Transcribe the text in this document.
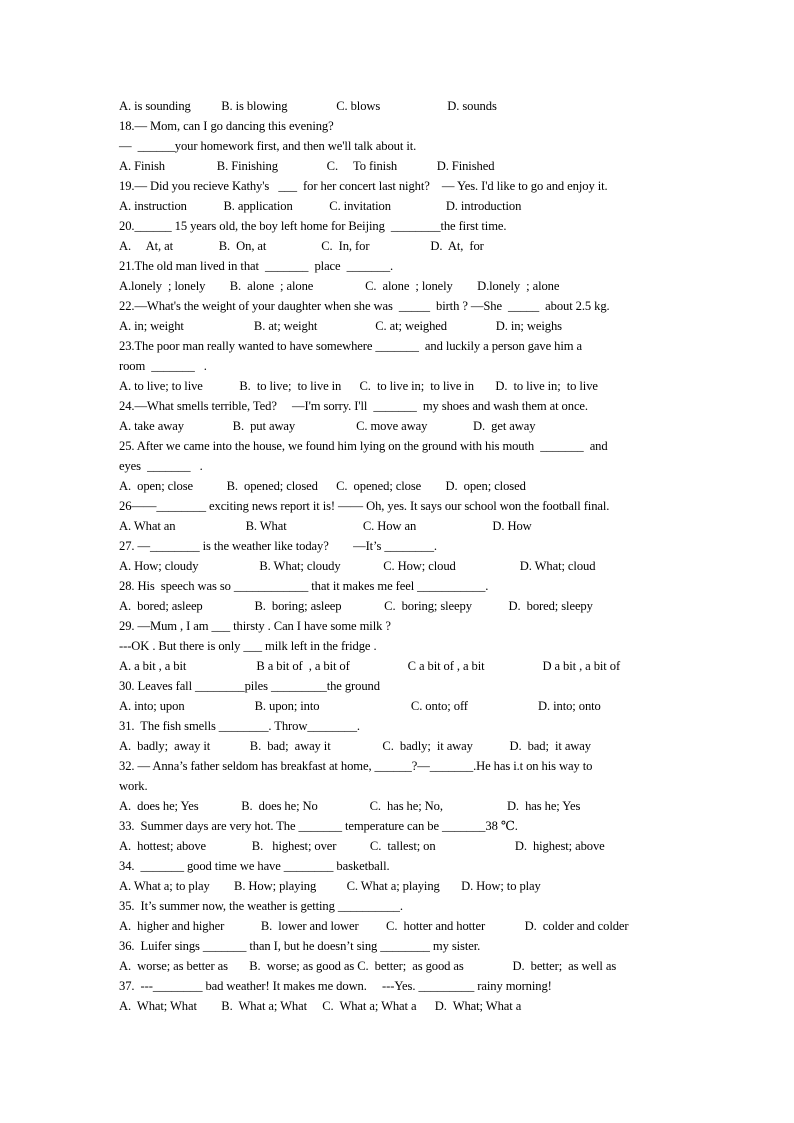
A. is sounding          B. is blowing                C. blows                      D. sounds
18.— Mom, can I go dancing this evening?
—  ______your homework first, and then we'll talk about it.
A. Finish                 B. Finishing                C.     To finish             D. Finished
19.— Did you recieve Kathy's   ___  for her concert last night?    — Yes. I'd like to go and enjoy it.
A. instruction            B. application            C. invitation                  D. introduction
20.______ 15 years old, the boy left home for Beijing  ________the first time.
A.     At, at               B.  On, at                  C.  In, for                    D.  At,  for
21.The old man lived in that  _______  place  _______.
A.lonely  ; lonely        B.  alone  ; alone                 C.  alone  ; lonely        D.lonely  ; alone
22.—What's the weight of your daughter when she was  _____  birth ? —She  _____  about 2.5 kg.
A. in; weight                       B. at; weight                   C. at; weighed                D. in; weighs
23.The poor man really wanted to have somewhere _______  and luckily a person gave him a
room  _______   .
A. to live; to live            B.  to live;  to live in      C.  to live in;  to live in       D.  to live in;  to live
24.—What smells terrible, Ted?     —I'm sorry. I'll  _______  my shoes and wash them at once.
A. take away                B.  put away                    C. move away               D.  get away
25. After we came into the house, we found him lying on the ground with his mouth  _______  and
eyes  _______   .
A.  open; close           B.  opened; closed      C.  opened; close        D.  open; closed
26——________ exciting news report it is! —— Oh, yes. It says our school won the football final.
A. What an                       B. What                         C. How an                         D. How
27. —________ is the weather like today?        —It’s ________.
A. How; cloudy                    B. What; cloudy              C. How; cloud                     D. What; cloud
28. His  speech was so ____________ that it makes me feel ___________.
A.  bored; asleep                 B.  boring; asleep              C.  boring; sleepy            D.  bored; sleepy
29. —Mum , I am ___ thirsty . Can I have some milk ?
---OK . But there is only ___ milk left in the fridge .
A. a bit , a bit                       B a bit of  , a bit of                   C a bit of , a bit                   D a bit , a bit of
30. Leaves fall ________piles _________the ground
A. into; upon                       B. upon; into                              C. onto; off                       D. into; onto
31.  The fish smells ________. Throw________.
A.  badly;  away it             B.  bad;  away it                 C.  badly;  it away            D.  bad;  it away
32. — Anna’s father seldom has breakfast at home, ______?—_______.He has i.t on his way to
work.
A.  does he; Yes              B.  does he; No                 C.  has he; No,                     D.  has he; Yes
33.  Summer days are very hot. The _______ temperature can be _______38 ℃.
A.  hottest; above               B.   highest; over           C.  tallest; on                          D.  highest; above
34.  _______ good time we have ________ basketball.
A. What a; to play        B. How; playing          C. What a; playing       D. How; to play
35.  It’s summer now, the weather is getting __________.
A.  higher and higher            B.  lower and lower         C.  hotter and hotter             D.  colder and colder
36.  Luifer sings _______ than I, but he doesn’t sing ________ my sister.
A.  worse; as better as       B.  worse; as good as C.  better;  as good as                D.  better;  as well as
37.  ---________ bad weather! It makes me down.     ---Yes. _________ rainy morning!
A.  What; What        B.  What a; What     C.  What a; What a      D.  What; What a
